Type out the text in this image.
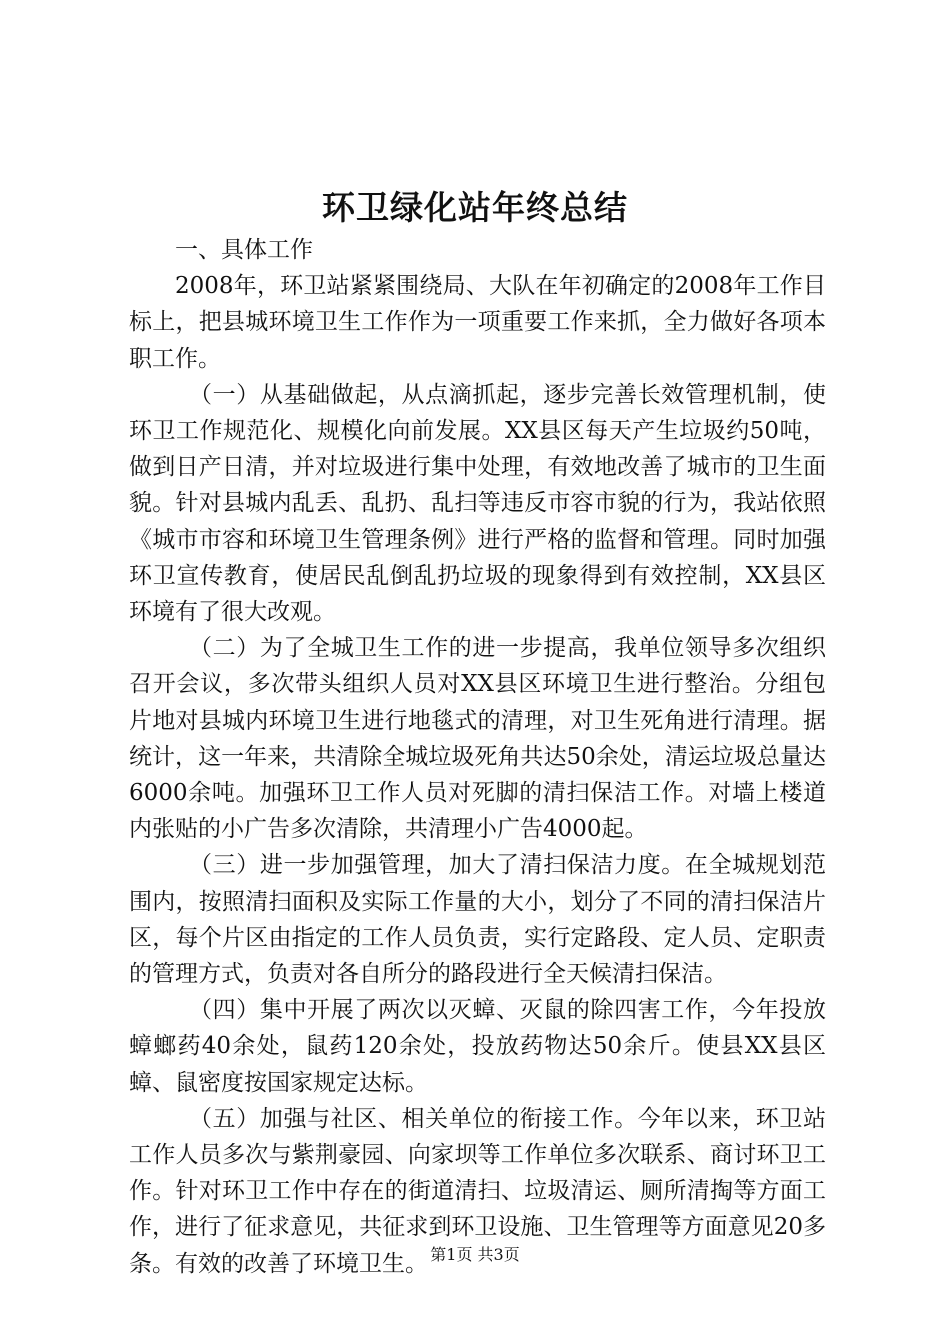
环卫绿化站年终总结

一、具体工作

2008年，环卫站紧紧围绕局、大队在年初确定的2008年工作目标上，把县城环境卫生工作作为一项重要工作来抓，全力做好各项本职工作。

（一）从基础做起，从点滴抓起，逐步完善长效管理机制，使环卫工作规范化、规模化向前发展。XX县区每天产生垃圾约50吨，做到日产日清，并对垃圾进行集中处理，有效地改善了城市的卫生面貌。针对县城内乱丢、乱扔、乱扫等违反市容市貌的行为，我站依照《城市市容和环境卫生管理条例》进行严格的监督和管理。同时加强环卫宣传教育，使居民乱倒乱扔垃圾的现象得到有效控制，XX县区环境有了很大改观。

（二）为了全城卫生工作的进一步提高，我单位领导多次组织召开会议，多次带头组织人员对XX县区环境卫生进行整治。分组包片地对县城内环境卫生进行地毯式的清理，对卫生死角进行清理。据统计，这一年来，共清除全城垃圾死角共达50余处，清运垃圾总量达6000余吨。加强环卫工作人员对死脚的清扫保洁工作。对墙上楼道内张贴的小广告多次清除，共清理小广告4000起。

（三）进一步加强管理，加大了清扫保洁力度。在全城规划范围内，按照清扫面积及实际工作量的大小，划分了不同的清扫保洁片区，每个片区由指定的工作人员负责，实行定路段、定人员、定职责的管理方式，负责对各自所分的路段进行全天候清扫保洁。

（四）集中开展了两次以灭蟑、灭鼠的除四害工作，今年投放蟑螂药40余处，鼠药120余处，投放药物达50余斤。使县XX县区蟑、鼠密度按国家规定达标。

（五）加强与社区、相关单位的衔接工作。今年以来，环卫站工作人员多次与紫荆豪园、向家坝等工作单位多次联系、商讨环卫工作。针对环卫工作中存在的街道清扫、垃圾清运、厕所清掏等方面工作，进行了征求意见，共征求到环卫设施、卫生管理等方面意见20多条。有效的改善了环境卫生。 第1页 共3页
